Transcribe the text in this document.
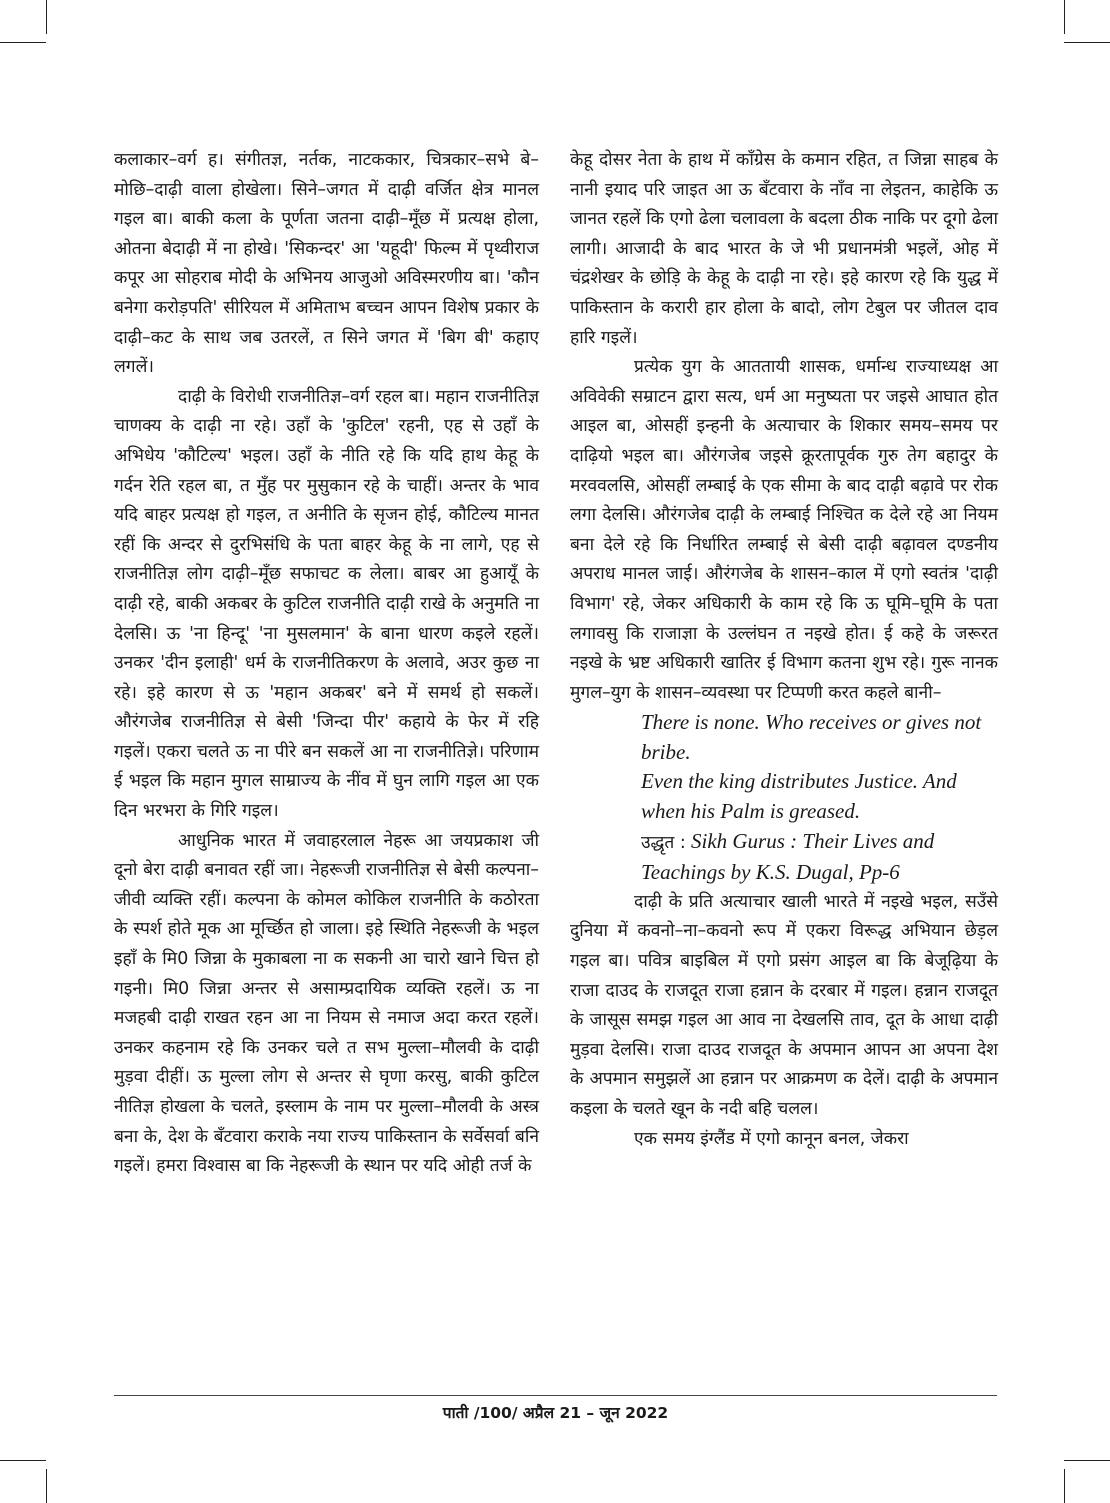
कलाकार–वर्ग ह। संगीतज्ञ, नर्तक, नाटककार, चित्रकार–सभे बे–मोछि–दाढ़ी वाला होखेला। सिने–जगत में दाढ़ी वर्जित क्षेत्र मानल गइल बा। बाकी कला के पूर्णता जतना दाढ़ी–मूँछ में प्रत्यक्ष होला, ओतना बेदाढ़ी में ना होखे। 'सिकन्दर' आ 'यहूदी' फिल्म में पृथ्वीराज कपूर आ सोहराब मोदी के अभिनय आजुओ अविस्मरणीय बा। 'कौन बनेगा करोड़पति' सीरियल में अमिताभ बच्चन आपन विशेष प्रकार के दाढ़ी–कट के साथ जब उतरलें, त सिने जगत में 'बिग बी' कहाए लगलें।

दाढ़ी के विरोधी राजनीतिज्ञ–वर्ग रहल बा। महान राजनीतिज्ञ चाणक्य के दाढ़ी ना रहे। उहाँ के 'कुटिल' रहनी, एह से उहाँ के अभिधेय 'कौटिल्य' भइल। उहाँ के नीति रहे कि यदि हाथ केहू के गर्दन रेति रहल बा, त मुँह पर मुसुकान रहे के चाहीं। अन्तर के भाव यदि बाहर प्रत्यक्ष हो गइल, त अनीति के सृजन होई, कौटिल्य मानत रहीं कि अन्दर से दुरभिसंधि के पता बाहर केहू के ना लागे, एह से राजनीतिज्ञ लोग दाढ़ी–मूँछ सफाचट क लेला। बाबर आ हुआयूँ के दाढ़ी रहे, बाकी अकबर के कुटिल राजनीति दाढ़ी राखे के अनुमति ना देलसि। ऊ 'ना हिन्दू' 'ना मुसलमान' के बाना धारण कइले रहलें। उनकर 'दीन इलाही' धर्म के राजनीतिकरण के अलावे, अउर कुछ ना रहे। इहे कारण से ऊ 'महान अकबर' बने में समर्थ हो सकलें। औरंगजेब राजनीतिज्ञ से बेसी 'जिन्दा पीर' कहाये के फेर में रहि गइलें। एकरा चलते ऊ ना पीरे बन सकलें आ ना राजनीतिज्ञे। परिणाम ई भइल कि महान मुगल साम्राज्य के नींव में घुन लागि गइल आ एक दिन भरभरा के गिरि गइल।

आधुनिक भारत में जवाहरलाल नेहरू आ जयप्रकाश जी दूनो बेरा दाढ़ी बनावत रहीं जा। नेहरूजी राजनीतिज्ञ से बेसी कल्पना–जीवी व्यक्ति रहीं। कल्पना के कोमल कोकिल राजनीति के कठोरता के स्पर्श होते मूक आ मूर्च्छित हो जाला। इहे स्थिति नेहरूजी के भइल इहाँ के मि0 जिन्ना के मुकाबला ना क सकनी आ चारो खाने चित्त हो गइनी। मि0 जिन्ना अन्तर से असाम्प्रदायिक व्यक्ति रहलें। ऊ ना मजहबी दाढ़ी राखत रहन आ ना नियम से नमाज अदा करत रहलें। उनकर कहनाम रहे कि उनकर चले त सभ मुल्ला–मौलवी के दाढ़ी मुड़वा दीहीं। ऊ मुल्ला लोग से अन्तर से घृणा करसु, बाकी कुटिल नीतिज्ञ होखला के चलते, इस्लाम के नाम पर मुल्ला–मौलवी के अस्त्र बना के, देश के बँटवारा कराके नया राज्य पाकिस्तान के सर्वेसर्वा बनि गइलें। हमरा विश्वास बा कि नेहरूजी के स्थान पर यदि ओही तर्ज के

केहू दोसर नेता के हाथ में काँग्रेस के कमान रहित, त जिन्ना साहब के नानी इयाद परि जाइत आ ऊ बँटवारा के नाँव ना लेइतन, काहेकि ऊ जानत रहलें कि एगो ढेला चलावला के बदला ठीक नाकि पर दूगो ढेला लागी। आजादी के बाद भारत के जे भी प्रधानमंत्री भइलें, ओह में चंद्रशेखर के छोड़ि के केहू के दाढ़ी ना रहे। इहे कारण रहे कि युद्ध में पाकिस्तान के करारी हार होला के बादो, लोग टेबुल पर जीतल दाव हारि गइलें।

प्रत्येक युग के आततायी शासक, धर्मान्ध राज्याध्यक्ष आ अविवेकी सम्राटन द्वारा सत्य, धर्म आ मनुष्यता पर जइसे आघात होत आइल बा, ओसहीं इन्हनी के अत्याचार के शिकार समय–समय पर दाढ़ियो भइल बा। औरंगजेब जइसे क्रूरतापूर्वक गुरु तेग बहादुर के मरववलसि, ओसहीं लम्बाई के एक सीमा के बाद दाढ़ी बढ़ावे पर रोक लगा देलसि। औरंगजेब दाढ़ी के लम्बाई निश्चित क देले रहे आ नियम बना देले रहे कि निर्धारित लम्बाई से बेसी दाढ़ी बढ़ावल दण्डनीय अपराध मानल जाई। औरंगजेब के शासन–काल में एगो स्वतंत्र 'दाढ़ी विभाग' रहे, जेकर अधिकारी के काम रहे कि ऊ घूमि–घूमि के पता लगावसु कि राजाज्ञा के उल्लंघन त नइखे होत। ई कहे के जरूरत नइखे के भ्रष्ट अधिकारी खातिर ई विभाग कतना शुभ रहे। गुरू नानक मुगल–युग के शासन–व्यवस्था पर टिप्पणी करत कहले बानी–

There is none. Who receives or gives not bribe.
Even the king distributes Justice. And when his Palm is greased.
उद्धृत : Sikh Gurus : Their Lives and Teachings by K.S. Dugal, Pp-6

दाढ़ी के प्रति अत्याचार खाली भारते में नइखे भइल, सउँसे दुनिया में कवनो–ना–कवनो रूप में एकरा विरूद्ध अभियान छेड़ल गइल बा। पवित्र बाइबिल में एगो प्रसंग आइल बा कि बेजूढ़िया के राजा दाउद के राजदूत राजा हन्नान के दरबार में गइल। हन्नान राजदूत के जासूस समझ गइल आ आव ना देखलसि ताव, दूत के आधा दाढ़ी मुड़वा देलसि। राजा दाउद राजदूत के अपमान आपन आ अपना देश के अपमान समुझलें आ हन्नान पर आक्रमण क देलें। दाढ़ी के अपमान कइला के चलते खून के नदी बहि चलल।

एक समय इंग्लैंड में एगो कानून बनल, जेकरा

पाती /100/ अप्रैल 21 – जून 2022
